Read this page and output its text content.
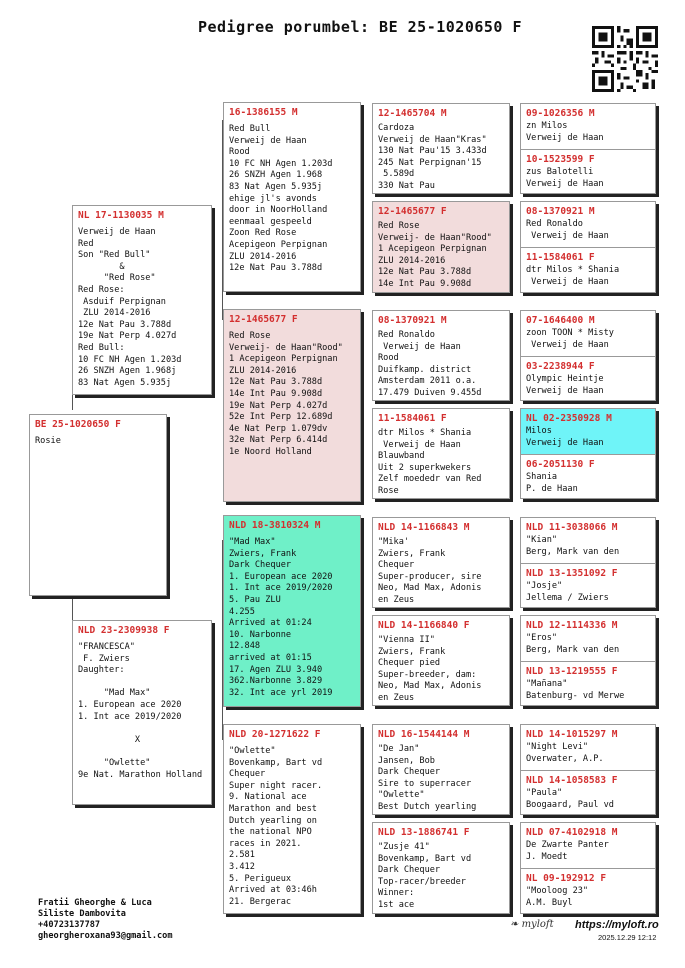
Pedigree porumbel: BE 25-1020650 F
BE 25-1020650 F
Rosie
NL 17-1130035 M
Verweij de Haan
Red
Son "Red Bull"
&
"Red Rose"
Red Rose:
Asduif Perpignan
ZLU 2014-2016
12e Nat Pau 3.788d
19e Nat Perp 4.027d
Red Bull:
10 FC NH Agen 1.203d
26 SNZH Agen 1.968j
83 Nat Agen 5.935j
NLD 23-2309938 F
"FRANCESCA"
F. Zwiers
Daughter:

"Mad Max"
1. European ace 2020
1. Int ace 2019/2020

X

"Owlette"
9e Nat. Marathon Holland
16-1386155 M
Red Bull
Verweij de Haan
Rood
10 FC NH Agen 1.203d
26 SNZH Agen 1.968
83 Nat Agen 5.935j
ehige jl's avonds
door in NoorHolland
eenmaal gespeeld
Zoon Red Rose
Acepigeon Perpignan
ZLU 2014-2016
12e Nat Pau 3.788d
12-1465677 F
Red Rose
Verweij- de Haan"Rood"
1 Acepigeon Perpignan
ZLU 2014-2016
12e Nat Pau 3.788d
14e Int Pau 9.908d
19e Nat Perp 4.027d
52e Int Perp 12.689d
4e Nat Perp 1.079dv
32e Nat Perp 6.414d
1e Noord Holland
NLD 18-3810324 M
"Mad Max"
Zwiers, Frank
Dark Chequer
1. European ace 2020
1. Int ace 2019/2020
5. Pau ZLU
4.255
Arrived at 01:24
10. Narbonne
12.848
arrived at 01:15
17. Agen ZLU 3.940
362.Narbonne 3.829
32. Int ace yrl 2019
NLD 20-1271622 F
"Owlette"
Bovenkamp, Bart vd
Chequer
Super night racer.
9. National ace
Marathon and best
Dutch yearling on
the national NPO
races in 2021.
2.581
3.412
5. Perigueux
Arrived at 03:46h
21. Bergerac
12-1465704 M
Cardoza
Verweij de Haan"Kras"
130 Nat Pau'15 3.433d
245 Nat Perpignan'15
5.589d
330 Nat Pau
12-1465677 F
Red Rose
Verweij- de Haan"Rood"
1 Acepigeon Perpignan
ZLU 2014-2016
12e Nat Pau 3.788d
14e Int Pau 9.908d
08-1370921 M
Red Ronaldo
Verweij de Haan
Rood
Duifkamp. district
Amsterdam 2011 o.a.
17.479 Duiven 9.455d
11-1584061 F
dtr Milos * Shania
Verweij de Haan
Blauwband
Uit 2 superkwekers
Zelf moededr van Red
Rose
NLD 14-1166843 M
"Mika'
Zwiers, Frank
Chequer
Super-producer, sire
Neo, Mad Max, Adonis
en Zeus
NLD 14-1166840 F
"Vienna II"
Zwiers, Frank
Chequer pied
Super-breeder, dam:
Neo, Mad Max, Adonis
en Zeus
NLD 16-1544144 M
"De Jan"
Jansen, Bob
Dark Chequer
Sire to superracer
"Owlette"
Best Dutch yearling
NLD 13-1886741 F
"Zusje 41"
Bovenkamp, Bart vd
Dark Chequer
Top-racer/breeder
Winner:
1st ace
09-1026356 M
zn Milos
Verweij de Haan
10-1523599 F
zus Balotelli
Verweij de Haan
08-1370921 M
Red Ronaldo
Verweij de Haan
11-1584061 F
dtr Milos * Shania
Verweij de Haan
07-1646400 M
zoon TOON * Misty
Verweij de Haan
03-2238944 F
Olympic Heintje
Verweij de Haan
NL 02-2350928 M
Milos
Verweij de Haan
06-2051130 F
Shania
P. de Haan
NLD 11-3038066 M
"Kian"
Berg, Mark van den
NLD 13-1351092 F
"Josje"
Jellema / Zwiers
NLD 12-1114336 M
"Eros"
Berg, Mark van den
NLD 13-1219555 F
"Mañana"
Batenburg- vd Merwe
NLD 14-1015297 M
"Night Levi"
Overwater, A.P.
NLD 14-1058583 F
"Paula"
Boogaard, Paul vd
NLD 07-4102918 M
De Zwarte Panter
J. Moedt
NL 09-192912 F
"Mooloog 23"
A.M. Buyl
Fratii Gheorghe & Luca
Siliste Dambovita
+40723137787
gheorgheroxana93@gmail.com
❧ myloft https://myloft.ro
2025.12.29 12:12
